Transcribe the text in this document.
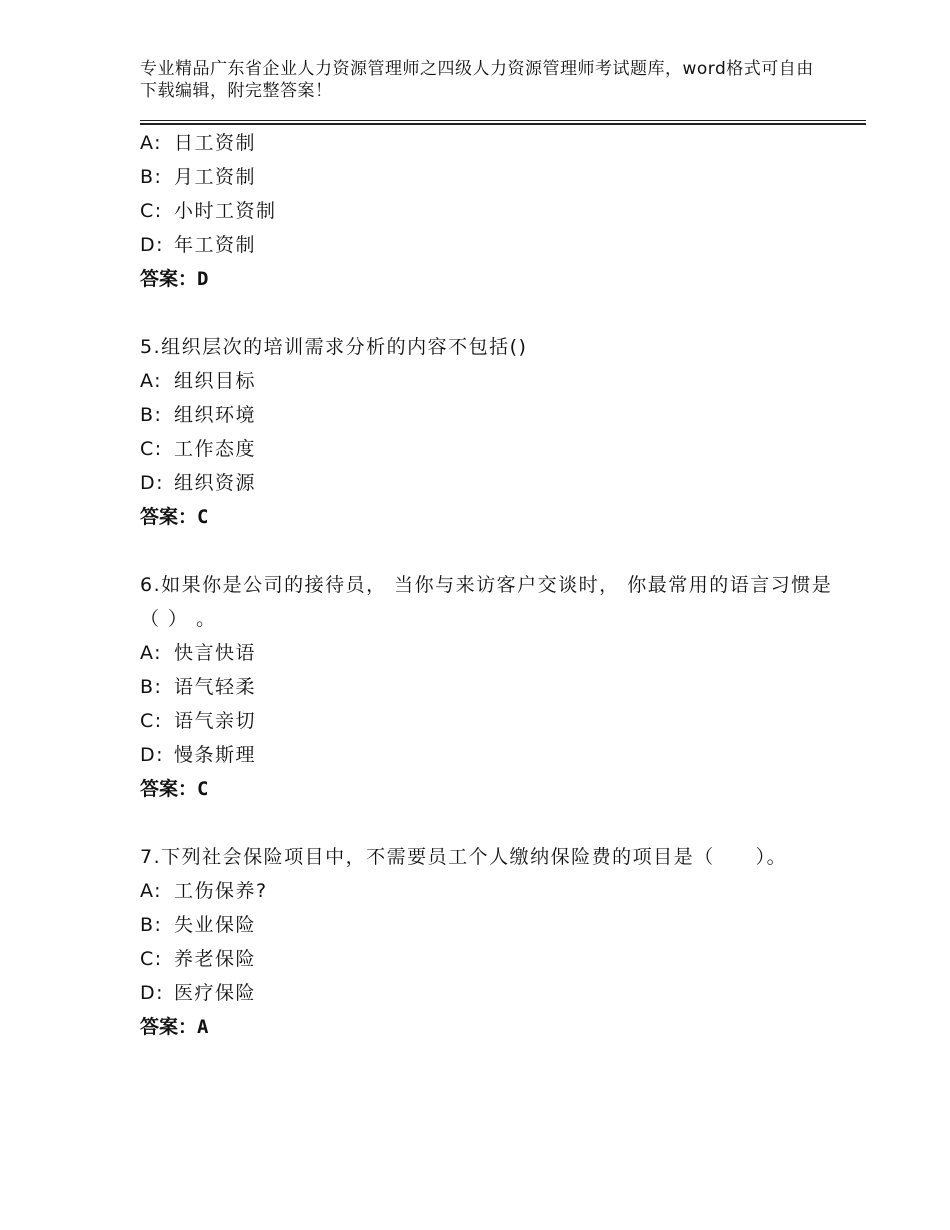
专业精品广东省企业人力资源管理师之四级人力资源管理师考试题库，word格式可自由下载编辑，附完整答案！
A: 日工资制
B: 月工资制
C: 小时工资制
D: 年工资制
答案：D
5.组织层次的培训需求分析的内容不包括()
A: 组织目标
B: 组织环境
C: 工作态度
D: 组织资源
答案：C
6.如果你是公司的接待员， 当你与来访客户交谈时， 你最常用的语言习惯是（ ） 。
A: 快言快语
B: 语气轻柔
C: 语气亲切
D: 慢条斯理
答案：C
7.下列社会保险项目中，不需要员工个人缴纳保险费的项目是（　　）。
A: 工伤保养?
B: 失业保险
C: 养老保险
D: 医疗保险
答案：A
